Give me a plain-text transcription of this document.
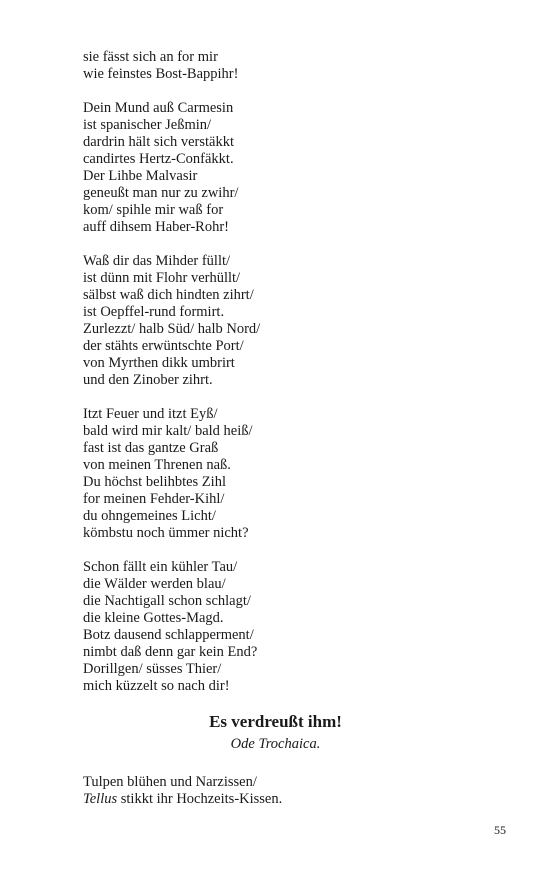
sie fässt sich an for mir
wie feinstes Bost-Bappihr!
Dein Mund auß Carmesin
ist spanischer Jeßmin/
dardrin hält sich verstäkkt
candirtes Hertz-Confäkkt.
Der Lihbe Malvasir
geneußt man nur zu zwihr/
kom/ spihle mir waß for
auff dihsem Haber-Rohr!
Waß dir das Mihder füllt/
ist dünn mit Flohr verhüllt/
sälbst waß dich hindten zihrt/
ist Oepffel-rund formirt.
Zurlezzt/ halb Süd/ halb Nord/
der stähts erwüntschte Port/
von Myrthen dikk umbrirt
und den Zinober zihrt.
Itzt Feuer und itzt Eyß/
bald wird mir kalt/ bald heiß/
fast ist das gantze Graß
von meinen Threnen naß.
Du höchst belihbtes Zihl
for meinen Fehder-Kihl/
du ohngemeines Licht/
kömbstu noch ümmer nicht?
Schon fällt ein kühler Tau/
die Wälder werden blau/
die Nachtigall schon schlagt/
die kleine Gottes-Magd.
Botz dausend schlapperment/
nimbt daß denn gar kein End?
Dorillgen/ süsses Thier/
mich küzzelt so nach dir!
Es verdreußt ihm!
Ode Trochaica.
Tulpen blühen und Narzissen/
Tellus stikkt ihr Hochzeits-Kissen.
55
